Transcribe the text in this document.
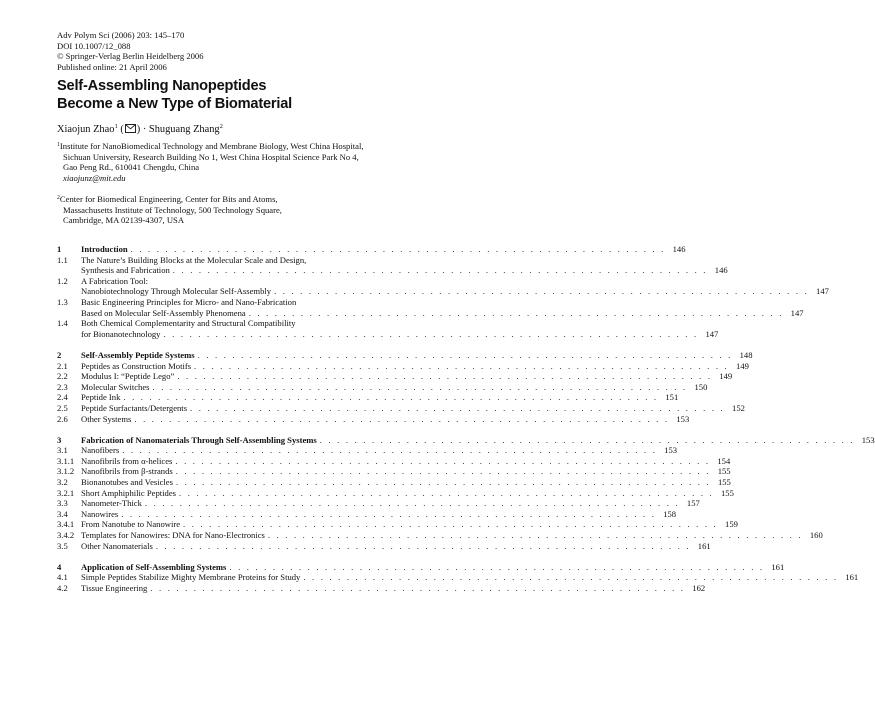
Adv Polym Sci (2006) 203: 145–170
DOI 10.1007/12_088
© Springer-Verlag Berlin Heidelberg 2006
Published online: 21 April 2006
Self-Assembling Nanopeptides
Become a New Type of Biomaterial
Xiaojun Zhao$^1$ ( ) · Shuguang Zhang$^2$
$^1$Institute for NanoBiomedical Technology and Membrane Biology, West China Hospital,
Sichuan University, Research Building No 1, West China Hospital Science Park No 4,
Gao Peng Rd., 610041 Chengdu, China
xiaojunz@mit.edu
$^2$Center for Biomedical Engineering, Center for Bits and Atoms,
Massachusetts Institute of Technology, 500 Technology Square,
Cambridge, MA 02139-4307, USA
1	Introduction . . . . . . . . . . . . . . . . . . . . . . . . . . . . . . . . . . . . . . . . . . . . . . . . . . . . . . . . . . . . . . 146
1.1	The Nature’s Building Blocks at the Molecular Scale and Design,
Synthesis and Fabrication . . . . . . . . . . . . . . . . . . . . . . . . . . . . . . . . . . . . . . . . . . . . . . . . . . . . . . . . . . . . . . 146
1.2	A Fabrication Tool:
Nanobiotechnology Through Molecular Self-Assembly . . . . . . . . . . . . . . . . . . . . . . . . . . . . . . . . . . . . . . . . . . . . . . . . . . . . . . . . . . . . . . 147
1.3	Basic Engineering Principles for Micro- and Nano-Fabrication
Based on Molecular Self-Assembly Phenomena . . . . . . . . . . . . . . . . . . . . . . . . . . . . . . . . . . . . . . . . . . . . . . . . . . . . . . . . . . . . . . 147
1.4	Both Chemical Complementarity and Structural Compatibility
for Bionanotechnology . . . . . . . . . . . . . . . . . . . . . . . . . . . . . . . . . . . . . . . . . . . . . . . . . . . . . . . . . . . . . . 147
2	Self-Assembly Peptide Systems . . . . . . . . . . . . . . . . . . . . . . . . . . . . . . . . . . . . . . . . . . . . . . . . . . . . . . . . . . . . . . 148
2.1	Peptides as Construction Motifs . . . . . . . . . . . . . . . . . . . . . . . . . . . . . . . . . . . . . . . . . . . . . . . . . . . . . . . . . . . . . . 149
2.2	Modulus I: “Peptide Lego” . . . . . . . . . . . . . . . . . . . . . . . . . . . . . . . . . . . . . . . . . . . . . . . . . . . . . . . . . . . . . . 149
2.3	Molecular Switches . . . . . . . . . . . . . . . . . . . . . . . . . . . . . . . . . . . . . . . . . . . . . . . . . . . . . . . . . . . . . . 150
2.4	Peptide Ink . . . . . . . . . . . . . . . . . . . . . . . . . . . . . . . . . . . . . . . . . . . . . . . . . . . . . . . . . . . . . . 151
2.5	Peptide Surfactants/Detergents . . . . . . . . . . . . . . . . . . . . . . . . . . . . . . . . . . . . . . . . . . . . . . . . . . . . . . . . . . . . . . 152
2.6	Other Systems . . . . . . . . . . . . . . . . . . . . . . . . . . . . . . . . . . . . . . . . . . . . . . . . . . . . . . . . . . . . . . 153
3	Fabrication of Nanomaterials Through Self-Assembling Systems . . . . . . . . . . . . . . . . . . . . . . . . . . . . . . . . . . . . . . . . . . . . . . . . . . . . . . . . . . . . . . 153
3.1	Nanofibers . . . . . . . . . . . . . . . . . . . . . . . . . . . . . . . . . . . . . . . . . . . . . . . . . . . . . . . . . . . . . . 153
3.1.1 Nanofibrils from α-helices . . . . . . . . . . . . . . . . . . . . . . . . . . . . . . . . . . . . . . . . . . . . . . . . . . . . . . . . . . . . . . 154
3.1.2 Nanofibrils from β-strands . . . . . . . . . . . . . . . . . . . . . . . . . . . . . . . . . . . . . . . . . . . . . . . . . . . . . . . . . . . . . . 155
3.2	Bionanotubes and Vesicles . . . . . . . . . . . . . . . . . . . . . . . . . . . . . . . . . . . . . . . . . . . . . . . . . . . . . . . . . . . . . . 155
3.2.1 Short Amphiphilic Peptides . . . . . . . . . . . . . . . . . . . . . . . . . . . . . . . . . . . . . . . . . . . . . . . . . . . . . . . . . . . . . . 155
3.3	Nanometer-Thick . . . . . . . . . . . . . . . . . . . . . . . . . . . . . . . . . . . . . . . . . . . . . . . . . . . . . . . . . . . . . . 157
3.4	Nanowires . . . . . . . . . . . . . . . . . . . . . . . . . . . . . . . . . . . . . . . . . . . . . . . . . . . . . . . . . . . . . . 158
3.4.1 From Nanotube to Nanowire . . . . . . . . . . . . . . . . . . . . . . . . . . . . . . . . . . . . . . . . . . . . . . . . . . . . . . . . . . . . . . 159
3.4.2 Templates for Nanowires: DNA for Nano-Electronics . . . . . . . . . . . . . . . . . . . . . . . . . . . . . . . . . . . . . . . . . . . . . . . . . . . . . . . . . . . . . . 160
3.5	Other Nanomaterials . . . . . . . . . . . . . . . . . . . . . . . . . . . . . . . . . . . . . . . . . . . . . . . . . . . . . . . . . . . . . . 161
4	Application of Self-Assembling Systems . . . . . . . . . . . . . . . . . . . . . . . . . . . . . . . . . . . . . . . . . . . . . . . . . . . . . . . . . . . . . . 161
4.1	Simple Peptides Stabilize Mighty Membrane Proteins for Study . . . . . . . . . . . . . . . . . . . . . . . . . . . . . . . . . . . . . . . . . . . . . . . . . . . . . . . . . . . . . . 161
4.2	Tissue Engineering . . . . . . . . . . . . . . . . . . . . . . . . . . . . . . . . . . . . . . . . . . . . . . . . . . . . . . . . . . . . . . 162
